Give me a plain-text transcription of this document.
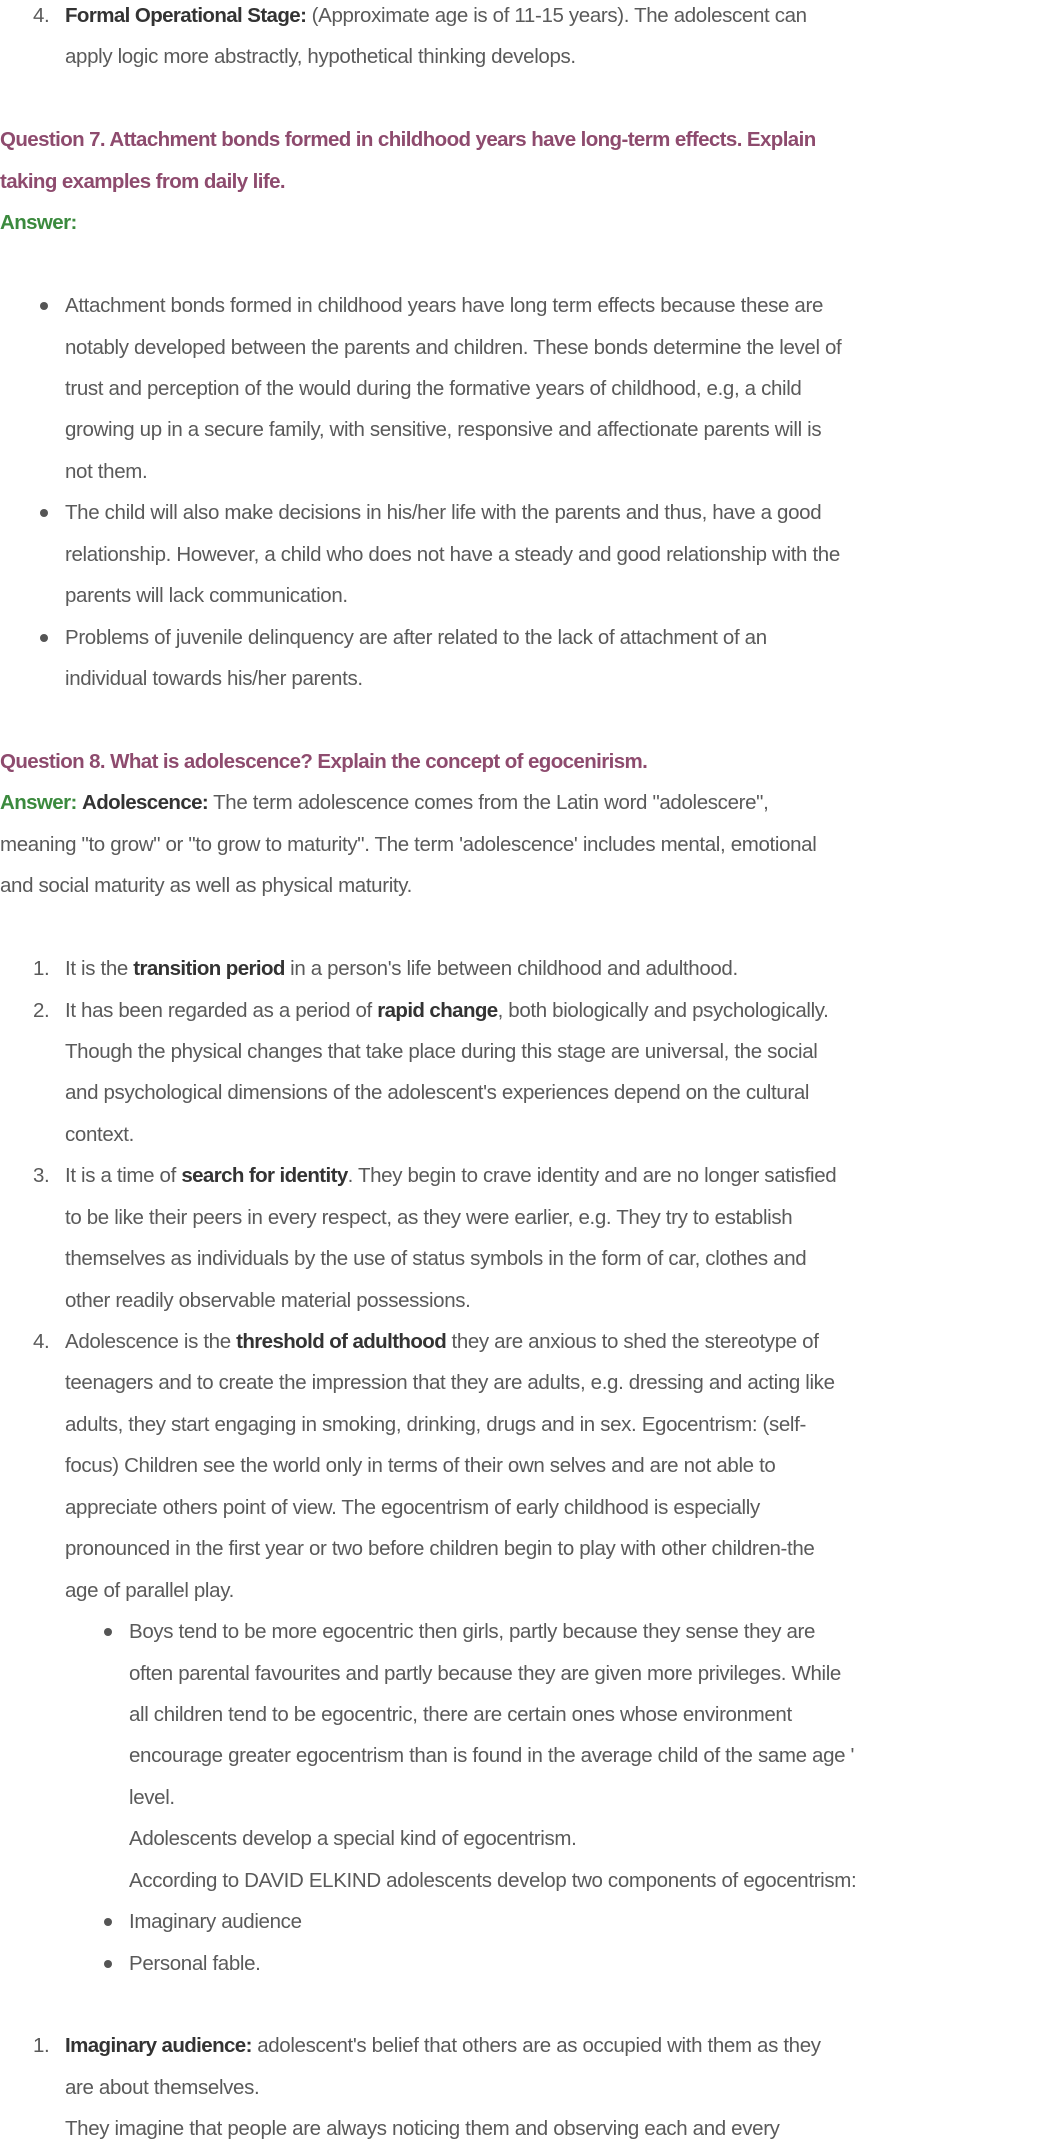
4. Formal Operational Stage: (Approximate age is of 11-15 years). The adolescent can
apply logic more abstractly, hypothetical thinking develops.
Question 7. Attachment bonds formed in childhood years have long-term effects. Explain
taking examples from daily life.
Answer:
Attachment bonds formed in childhood years have long term effects because these are
notably developed between the parents and children. These bonds determine the level of
trust and perception of the would during the formative years of childhood, e.g, a child
growing up in a secure family, with sensitive, responsive and affectionate parents will is
not them.
The child will also make decisions in his/her life with the parents and thus, have a good
relationship. However, a child who does not have a steady and good relationship with the
parents will lack communication.
Problems of juvenile delinquency are after related to the lack of attachment of an
individual towards his/her parents.
Question 8. What is adolescence? Explain the concept of egocenirism.
Answer: Adolescence: The term adolescence comes from the Latin word "adolescere",
meaning "to grow" or "to grow to maturity". The term 'adolescence' includes mental, emotional
and social maturity as well as physical maturity.
1. It is the transition period in a person's life between childhood and adulthood.
2. It has been regarded as a period of rapid change, both biologically and psychologically.
Though the physical changes that take place during this stage are universal, the social
and psychological dimensions of the adolescent's experiences depend on the cultural
context.
3. It is a time of search for identity. They begin to crave identity and are no longer satisfied
to be like their peers in every respect, as they were earlier, e.g. They try to establish
themselves as individuals by the use of status symbols in the form of car, clothes and
other readily observable material possessions.
4. Adolescence is the threshold of adulthood they are anxious to shed the stereotype of
teenagers and to create the impression that they are adults, e.g. dressing and acting like
adults, they start engaging in smoking, drinking, drugs and in sex. Egocentrism: (self-
focus) Children see the world only in terms of their own selves and are not able to
appreciate others point of view. The egocentrism of early childhood is especially
pronounced in the first year or two before children begin to play with other children-the
age of parallel play.
Boys tend to be more egocentric then girls, partly because they sense they are
often parental favourites and partly because they are given more privileges. While
all children tend to be egocentric, there are certain ones whose environment
encourage greater egocentrism than is found in the average child of the same age '
level.
Adolescents develop a special kind of egocentrism.
According to DAVID ELKIND adolescents develop two components of egocentrism:
Imaginary audience
Personal fable.
1. Imaginary audience: adolescent's belief that others are as occupied with them as they
are about themselves.
They imagine that people are always noticing them and observing each and every
